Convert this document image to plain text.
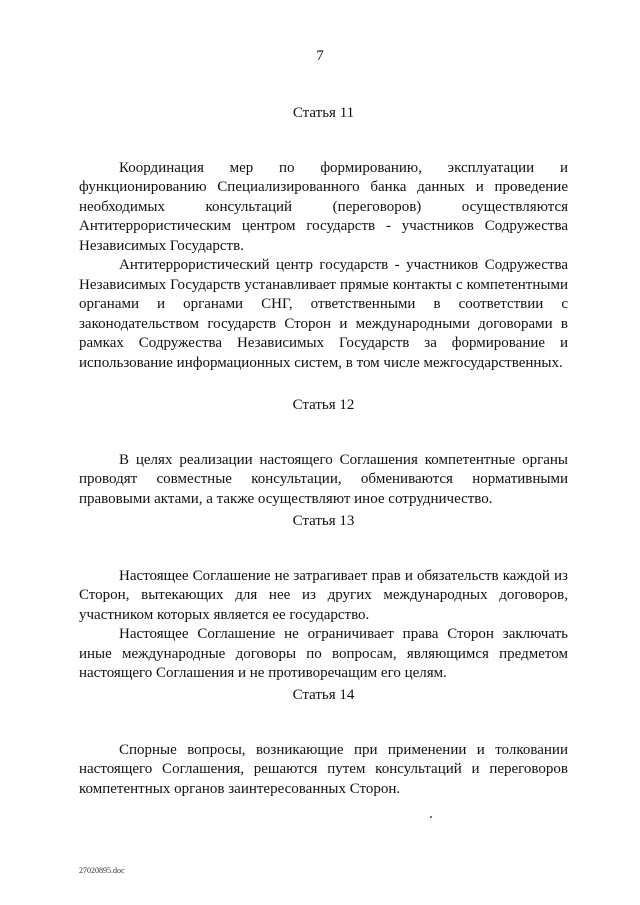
7

Статья 11

Координация мер по формированию, эксплуатации и функционированию Специализированного банка данных и проведение необходимых консультаций (переговоров) осуществляются Антитеррористическим центром государств - участников Содружества Независимых Государств.

Антитеррористический центр государств - участников Содружества Независимых Государств устанавливает прямые контакты с компетентными органами и органами СНГ, ответственными в соответствии с законодательством государств Сторон и международными договорами в рамках Содружества Независимых Государств за формирование и использование информационных систем, в том числе межгосударственных.

Статья 12

В целях реализации настоящего Соглашения компетентные органы проводят совместные консультации, обмениваются нормативными правовыми актами, а также осуществляют иное сотрудничество.

Статья 13

Настоящее Соглашение не затрагивает прав и обязательств каждой из Сторон, вытекающих для нее из других международных договоров, участником которых является ее государство.

Настоящее Соглашение не ограничивает права Сторон заключать иные международные договоры по вопросам, являющимся предметом настоящего Соглашения и не противоречащим его целям.

Статья 14

Спорные вопросы, возникающие при применении и толковании настоящего Соглашения, решаются путем консультаций и переговоров компетентных органов заинтересованных Сторон.

27020895.doc
